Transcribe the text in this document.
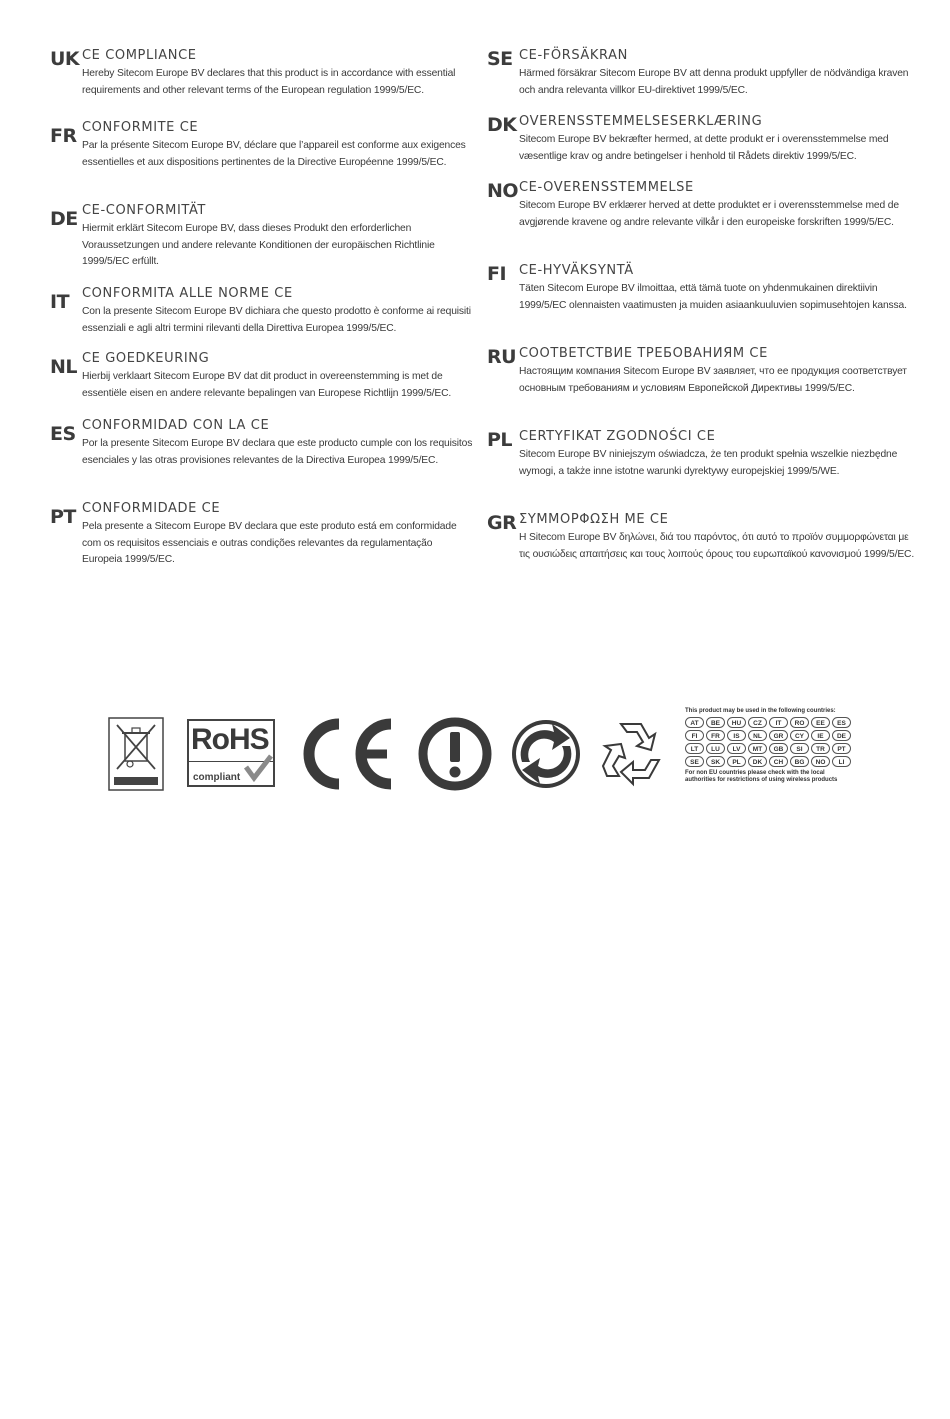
UK CE COMPLIANCE

Hereby Sitecom Europe BV declares that this product is in accordance with essential requirements and other relevant terms of the European regulation 1999/5/EC.

FR CONFORMITE CE

Par la présente Sitecom Europe BV, déclare que l’appareil est conforme aux exigences essentielles et aux dispositions pertinentes de la Directive Européenne 1999/5/EC.

DE CE-CONFORMITÄT

Hiermit erklärt Sitecom Europe BV, dass dieses Produkt den erforderlichen Voraussetzungen und andere relevante Konditionen der europäischen Richtlinie 1999/5/EC erfüllt.

IT CONFORMITA ALLE NORME CE

Con la presente Sitecom Europe BV dichiara che questo prodotto è conforme ai requisiti essenziali e agli altri termini rilevanti della Direttiva Europea 1999/5/EC.

NL CE GOEDKEURING

Hierbij verklaart Sitecom Europe BV dat dit product in overeenstemming is met de essentiële eisen en andere relevante bepalingen van Europese Richtlijn 1999/5/EC.

ES CONFORMIDAD CON LA CE

Por la presente Sitecom Europe BV declara que este producto cumple con los requisitos esenciales y las otras provisiones relevantes de la Directiva Europea 1999/5/EC.

PT CONFORMIDADE CE

Pela presente a Sitecom Europe BV declara que este produto está em conformidade com os requisitos essenciais e outras condições relevantes da regulamentação Europeia 1999/5/EC.

SE CE-FÖRSÄKRAN

Härmed försäkrar Sitecom Europe BV att denna produkt uppfyller de nödvändiga kraven och andra relevanta villkor EU-direktivet 1999/5/EC.

DK OVERENSSTEMMELSESERKLÆRING

Sitecom Europe BV bekræfter hermed, at dette produkt er i overensstemmelse med væsentlige krav og andre betingelser i henhold til Rådets direktiv 1999/5/EC.

NO CE-OVERENSSTEMMELSE

Sitecom Europe BV erklærer herved at dette produktet er i overensstemmelse med de avgjørende kravene og andre relevante vilkår i den europeiske forskriften 1999/5/EC.

FI CE-HYVÄKSYNTÄ

Täten Sitecom Europe BV ilmoittaa, että tämä tuote on yhdenmukainen direktiivin 1999/5/EC olennaisten vaatimusten ja muiden asiaankuuluvien sopimusehtojen kanssa.

RU СООТВЕТСТВИЕ ТРЕБОВАНИЯМ СЕ

Настоящим компания Sitecom Europe BV заявляет, что ее продукция соответствует основным требованиям и условиям Европейской Директивы 1999/5/EC.

PL CERTYFIKAT ZGODNOŚCI CE

Sitecom Europe BV niniejszym oświadcza, że ten produkt spełnia wszelkie niezbędne wymogi, a także inne istotne warunki dyrektywy europejskiej 1999/5/WE.

GR ΣΥΜΜΟΡΦΩΣΗ ΜΕ CE

Η Sitecom Europe BV δηλώνει, διά του παρόντος, ότι αυτό το προϊόν συμμορφώνεται με τις ουσιώδεις απαιτήσεις και τους λοιπούς όρους του ευρωπαϊκού κανονισμού 1999/5/EC.

RoHS
compliant
This product may be used in the following countries:
AT	BE	HU	CZ	IT	RO	EE	ES
FI	FR	IS	NL	GR	CY	IE	DE
LT	LU	LV	MT	GB	SI	TR	PT
SE	SK	PL	DK	CH	BG	NO	LI
For non EU countries please check with the local
authorities for restrictions of using wireless products
